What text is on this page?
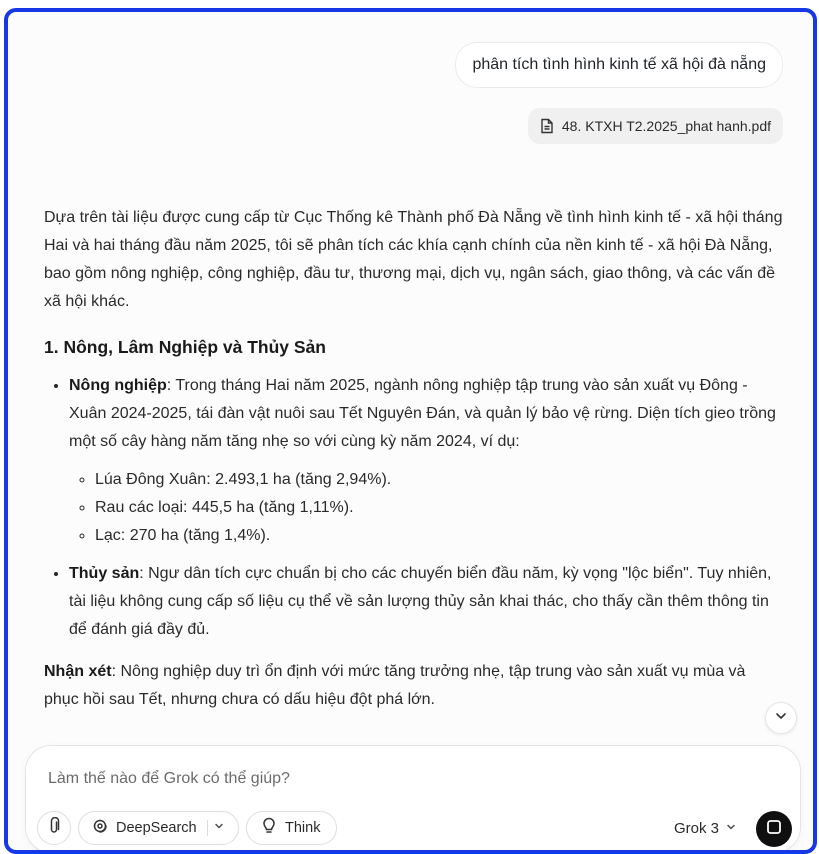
phân tích tình hình kinh tế xã hội đà nẵng
48. KTXH T2.2025_phat hanh.pdf

Dựa trên tài liệu được cung cấp từ Cục Thống kê Thành phố Đà Nẵng về tình hình kinh tế - xã hội tháng Hai và hai tháng đầu năm 2025, tôi sẽ phân tích các khía cạnh chính của nền kinh tế - xã hội Đà Nẵng, bao gồm nông nghiệp, công nghiệp, đầu tư, thương mại, dịch vụ, ngân sách, giao thông, và các vấn đề xã hội khác.

1. Nông, Lâm Nghiệp và Thủy Sản
• Nông nghiệp: Trong tháng Hai năm 2025, ngành nông nghiệp tập trung vào sản xuất vụ Đông - Xuân 2024-2025, tái đàn vật nuôi sau Tết Nguyên Đán, và quản lý bảo vệ rừng. Diện tích gieo trồng một số cây hàng năm tăng nhẹ so với cùng kỳ năm 2024, ví dụ:
◦ Lúa Đông Xuân: 2.493,1 ha (tăng 2,94%).
◦ Rau các loại: 445,5 ha (tăng 1,11%).
◦ Lạc: 270 ha (tăng 1,4%).
• Thủy sản: Ngư dân tích cực chuẩn bị cho các chuyến biển đầu năm, kỳ vọng "lộc biển". Tuy nhiên, tài liệu không cung cấp số liệu cụ thể về sản lượng thủy sản khai thác, cho thấy cần thêm thông tin để đánh giá đầy đủ.

Nhận xét: Nông nghiệp duy trì ổn định với mức tăng trưởng nhẹ, tập trung vào sản xuất vụ mùa và phục hồi sau Tết, nhưng chưa có dấu hiệu đột phá lớn.

Làm thế nào để Grok có thể giúp?
DeepSearch	Think	Grok 3
